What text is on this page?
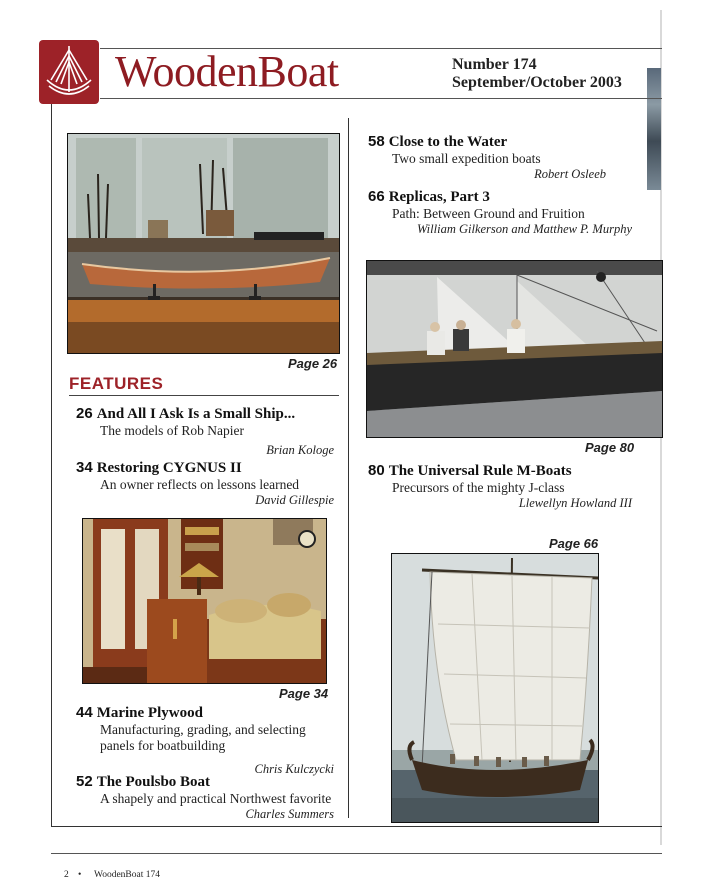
WoodenBoat	Number 174
September/October 2003
Page 26
FEATURES
26 And All I Ask Is a Small Ship...
The models of Rob Napier
Brian Kologe
34 Restoring CYGNUS II
An owner reflects on lessons learned
David Gillespie
Page 34
44 Marine Plywood
Manufacturing, grading, and selecting panels for boatbuilding
Chris Kulczycki
52 The Poulsbo Boat
A shapely and practical Northwest favorite
Charles Summers
58 Close to the Water
Two small expedition boats
Robert Osleeb
66 Replicas, Part 3
Path: Between Ground and Fruition
William Gilkerson and Matthew P. Murphy
Page 80
80 The Universal Rule M-Boats
Precursors of the mighty J-class
Llewellyn Howland III
Page 66
2 • WoodenBoat 174
